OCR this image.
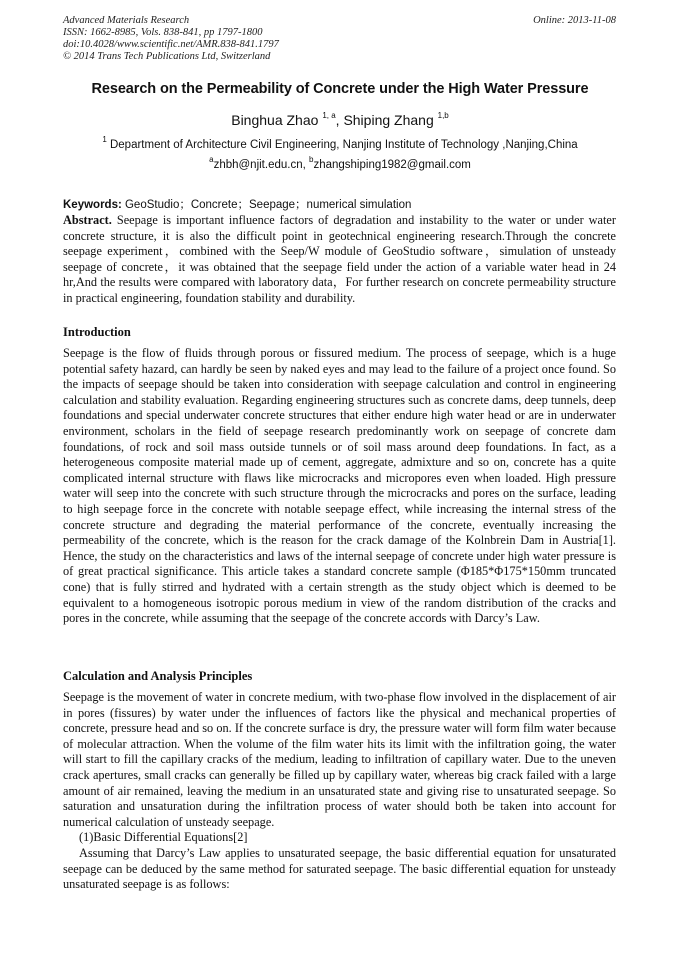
Advanced Materials Research
ISSN: 1662-8985, Vols. 838-841, pp 1797-1800
doi:10.4028/www.scientific.net/AMR.838-841.1797
© 2014 Trans Tech Publications Ltd, Switzerland
Online: 2013-11-08
Research on the Permeability of Concrete under the High Water Pressure
Binghua Zhao $^{1, a}$, Shiping Zhang $^{1,b}$
$^1$ Department of Architecture Civil Engineering, Nanjing Institute of Technology ,Nanjing,China
$^a$zhbh@njit.edu.cn, $^b$zhangshiping1982@gmail.com
Keywords: GeoStudio；Concrete；Seepage；numerical simulation
Abstract. Seepage is important influence factors of degradation and instability to the water or under water concrete structure, it is also the difficult point in geotechnical engineering research.Through the concrete seepage experiment，combined with the Seep/W module of GeoStudio software，simulation of unsteady seepage of concrete，it was obtained that the seepage field under the action of a variable water head in 24 hr,And the results were compared with laboratory data，For further research on concrete permeability structure in practical engineering, foundation stability and durability.
Introduction
Seepage is the flow of fluids through porous or fissured medium. The process of seepage, which is a huge potential safety hazard, can hardly be seen by naked eyes and may lead to the failure of a project once found. So the impacts of seepage should be taken into consideration with seepage calculation and control in engineering calculation and stability evaluation. Regarding engineering structures such as concrete dams, deep tunnels, deep foundations and special underwater concrete structures that either endure high water head or are in underwater environment, scholars in the field of seepage research predominantly work on seepage of concrete dam foundations, of rock and soil mass outside tunnels or of soil mass around deep foundations. In fact, as a heterogeneous composite material made up of cement, aggregate, admixture and so on, concrete has a quite complicated internal structure with flaws like microcracks and micropores even when loaded. High pressure water will seep into the concrete with such structure through the microcracks and pores on the surface, leading to high seepage force in the concrete with notable seepage effect, while increasing the internal stress of the concrete structure and degrading the material performance of the concrete, eventually increasing the permeability of the concrete, which is the reason for the crack damage of the Kolnbrein Dam in Austria[1]. Hence, the study on the characteristics and laws of the internal seepage of concrete under high water pressure is of great practical significance. This article takes a standard concrete sample (Φ185*Φ175*150mm truncated cone) that is fully stirred and hydrated with a certain strength as the study object which is deemed to be equivalent to a homogeneous isotropic porous medium in view of the random distribution of the cracks and pores in the concrete, while assuming that the seepage of the concrete accords with Darcy’s Law.
Calculation and Analysis Principles

Seepage is the movement of water in concrete medium, with two-phase flow involved in the displacement of air in pores (fissures) by water under the influences of factors like the physical and mechanical properties of concrete, pressure head and so on. If the concrete surface is dry, the pressure water will form film water because of molecular attraction. When the volume of the film water hits its limit with the infiltration going, the water will start to fill the capillary cracks of the medium, leading to infiltration of capillary water. Due to the uneven crack apertures, small cracks can generally be filled up by capillary water, whereas big crack failed with a large amount of air remained, leaving the medium in an unsaturated state and giving rise to unsaturated seepage. So saturation and unsaturation during the infiltration process of water should both be taken into account for numerical calculation of unsteady seepage.

(1)Basic Differential Equations[2]

Assuming that Darcy’s Law applies to unsaturated seepage, the basic differential equation for unsaturated seepage can be deduced by the same method for saturated seepage. The basic differential equation for unsteady unsaturated seepage is as follows:
